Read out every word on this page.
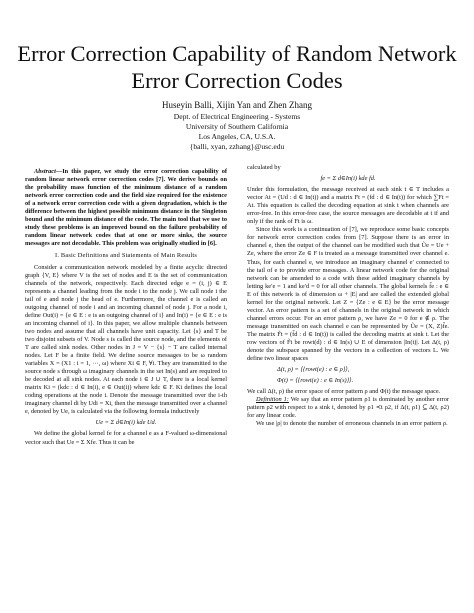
Error Correction Capability of Random Network
Error Correction Codes
Huseyin Balli, Xijin Yan and Zhen Zhang
Dept. of Electrical Engineering - Systems
University of Southern California
Los Angeles, CA, U.S.A.
{balli, xyan, zzhang}@usc.edu

Abstract—In this paper, we study the error correction capability of random linear network error correction codes [7]. We derive bounds on the probability mass function of the minimum distance of a random network error correction code and the field size required for the existence of a network error correction code with a given degradation, which is the difference between the highest possible minimum distance in the Singleton bound and the minimum distance of the code. The main tool that we use to study these problems is an improved bound on the failure probability of random linear network codes that at one or more sinks, the source messages are not decodable. This problem was originally studied in [6].

I. Basic Definitions and Statements of Main Results

Consider a communication network modeled by a finite acyclic directed graph {V, E} where V is the set of nodes and E is the set of communication channels of the network, respectively. Each directed edge e = (i, j) ∈ E represents a channel leading from the node i to the node j. We call node i the tail of e and node j the head of e. Furthermore, the channel e is called an outgoing channel of node i and an incoming channel of node j. For a node i, define Out(i) = {e ∈ E : e is an outgoing channel of i} and In(i) = {e ∈ E : e is an incoming channel of i}. In this paper, we allow multiple channels between two nodes and assume that all channels have unit capacity. Let {s} and T be two disjoint subsets of V. Node s is called the source node, and the elements of T are called sink nodes. Other nodes in J = V − {s} − T are called internal nodes. Let F be a finite field. We define source messages to be ω random variables X = (X1 : i = 1, ···, ω) where Xi ∈ F, ∀i. They are transmitted to the source node s through ω imaginary channels in the set In(s) and are required to be decoded at all sink nodes. At each node i ∈ J ∪ T, there is a local kernel matrix Ki = (kdc : d ∈ In(i), e ∈ Out(i)) where kdc ∈ F. Ki defines the local coding operations at the node i. Denote the message transmitted over the i-th imaginary channel di by Udi = Xi, then the message transmitted over a channel e, denoted by Ue, is calculated via the following formula inductively

Ue = Σ d∈In(i) kde Ud.

We define the global kernel fe for a channel e as a F-valued ω-dimensional vector such that Ue = Σ Xfe. Thus it can be

calculated by

fe = Σ d∈In(i) kde fd.

Under this formulation, the message received at each sink t ∈ T includes a vector At = (Ud : d ∈ In(t)) and a matrix Ft = (fd : d ∈ In(t)) for which ∑Ft = At. This equation is called the decoding equation at sink t when channels are error-free. In this error-free case, the source messages are decodable at t if and only if the rank of Ft is ω.

Since this work is a continuation of [7], we reproduce some basic concepts for network error correction codes from [7]. Suppose there is an error in channel e, then the output of the channel can be modified such that Ũe = Ue + Ze, where the error Ze ∈ F is treated as a message transmitted over channel e. Thus, for each channel e, we introduce an imaginary channel e′ connected to the tail of e to provide error messages. A linear network code for the original network can be amended to a code with these added imaginary channels by letting ke′e = 1 and ke′d = 0 for all other channels. The global kernels f̃e : e ∈ E of this network is of dimension ω + |E| and are called the extended global kernel for the original network. Let Z = {Ze : e ∈ E} be the error message vector. An error pattern is a set of channels in the original network in which channel errors occur. For an error pattern ρ, we have Ze = 0 for e ∉ ρ. The message transmitted on each channel e can be represented by Ũe = (X, Z)f̃e. The matrix F̃t = (f̃d : d ∈ In(t)) is called the decoding matrix at sink t. Let the row vectors of F̃t be rowt(d) : d ∈ In(s) ∪ E of dimension |In(t)|. Let Δ(t, ρ) denote the subspace spanned by the vectors in a collection of vectors L. We define two linear spaces

Δ(t, ρ) = ⟨{rowt(e) : e ∈ ρ}⟩,
Φ(t) = ⟨{rowt(e) : e ∈ In(s)}⟩.

We call Δ(t, ρ) the error space of error pattern ρ and Φ(t) the message space.

Definition 1: We say that an error pattern ρ1 is dominated by another error pattern ρ2 with respect to a sink t, denoted by ρ1 ≺t ρ2, if Δ(t, ρ1) ⊆ Δ(t, ρ2) for any linear code.

We use |ρ| to denote the number of erroneous channels in an error pattern ρ.
